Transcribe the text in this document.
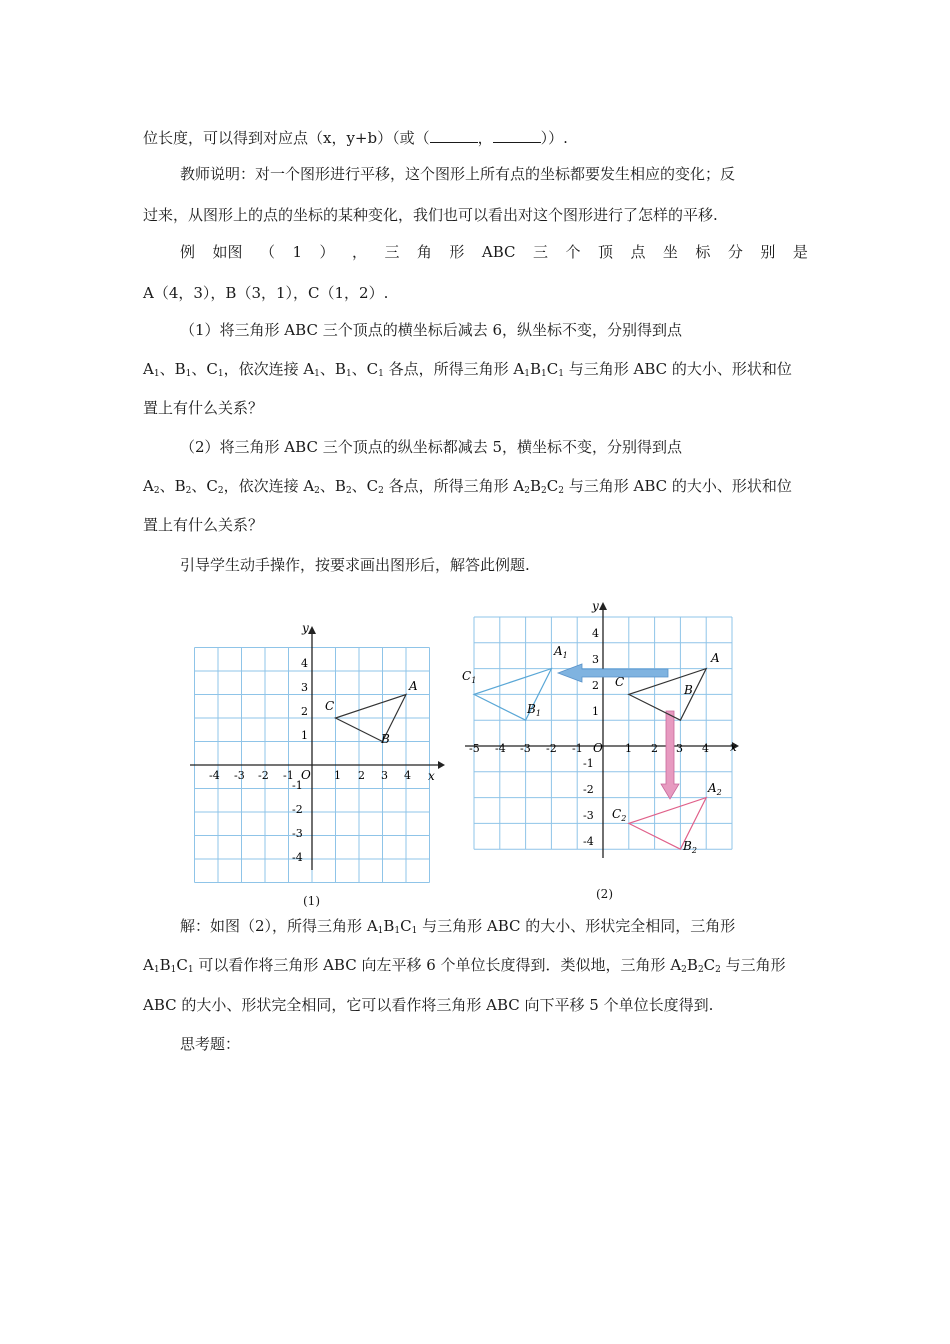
位长度，可以得到对应点（x，y+b）（或（	，	））.
教师说明：对一个图形进行平移，这个图形上所有点的坐标都要发生相应的变化；反
过来，从图形上的点的坐标的某种变化，我们也可以看出对这个图形进行了怎样的平移.
例 如图 （ 1 ） ， 三 角 形 ABC 三 个 顶 点 坐 标 分 别 是
A（4，3），B（3，1），C（1，2）.
（1）将三角形 ABC 三个顶点的横坐标后减去 6，纵坐标不变，分别得到点
$A_1$、$B_1$、$C_1$，依次连接 $A_1$、$B_1$、$C_1$ 各点，所得三角形 $A_1B_1C_1$ 与三角形 ABC 的大小、形状和位
置上有什么关系？
（2）将三角形 ABC 三个顶点的纵坐标都减去 5，横坐标不变，分别得到点
$A_2$、$B_2$、$C_2$，依次连接 $A_2$、$B_2$、$C_2$ 各点，所得三角形 $A_2B_2C_2$ 与三角形 ABC 的大小、形状和位
置上有什么关系？
引导学生动手操作，按要求画出图形后，解答此例题.
y
x
O
-4 -3 -2 -1	1 2 3 4
4
3
2
1
-1
-2
-3
-4
A
B
C
(1)
y
x
O
-5 -4 -3 -2 -1	1 2 3 4
4
3
2
1
-1
-2
-3
-4
A
B
C
$A_1$
$B_1$
$C_1$
$A_2$
$B_2$
$C_2$
(2)
解：如图（2），所得三角形 $A_1B_1C_1$ 与三角形 ABC 的大小、形状完全相同，三角形
$A_1B_1C_1$ 可以看作将三角形 ABC 向左平移 6 个单位长度得到．类似地，三角形 $A_2B_2C_2$ 与三角形
ABC 的大小、形状完全相同，它可以看作将三角形 ABC 向下平移 5 个单位长度得到.
思考题：
